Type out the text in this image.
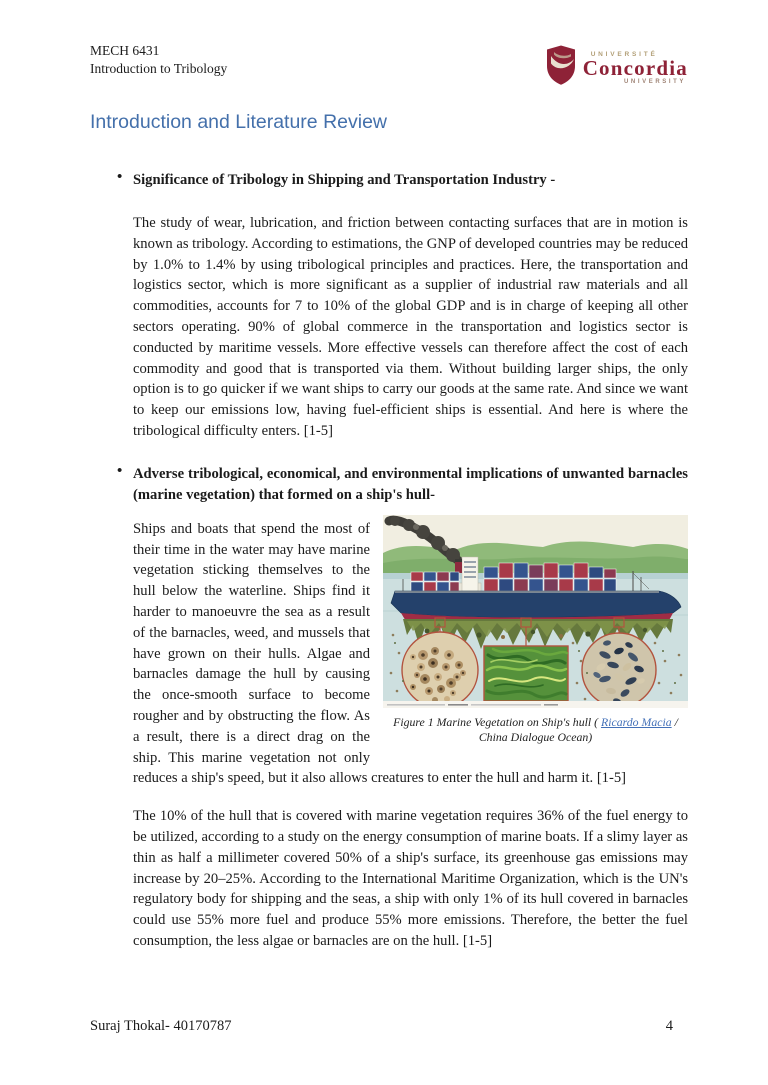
MECH 6431
Introduction to Tribology
UNIVERSITÉ
Concordia
UNIVERSITY
Introduction and Literature Review
• Significance of Tribology in Shipping and Transportation Industry -

The study of wear, lubrication, and friction between contacting surfaces that are in motion is known as tribology. According to estimations, the GNP of developed countries may be reduced by 1.0% to 1.4% by using tribological principles and practices. Here, the transportation and logistics sector, which is more significant as a supplier of industrial raw materials and all commodities, accounts for 7 to 10% of the global GDP and is in charge of keeping all other sectors operating. 90% of global commerce in the transportation and logistics sector is conducted by maritime vessels. More effective vessels can therefore affect the cost of each commodity and good that is transported via them. Without building larger ships, the only option is to go quicker if we want ships to carry our goods at the same rate. And since we want to keep our emissions low, having fuel-efficient ships is essential. And here is where the tribological difficulty enters. [1-5]

• Adverse tribological, economical, and environmental implications of unwanted barnacles (marine vegetation) that formed on a ship's hull-
Figure 1 Marine Vegetation on Ship's hull ( Ricardo Macia /
China Dialogue Ocean)

Ships and boats that spend the most of their time in the water may have marine vegetation sticking themselves to the hull below the waterline. Ships find it harder to manoeuvre the sea as a result of the barnacles, weed, and mussels that have grown on their hulls. Algae and barnacles damage the hull by causing the once-smooth surface to become rougher and by obstructing the flow. As a result, there is a direct drag on the ship. This marine vegetation not only reduces a ship's speed, but it also allows creatures to enter the hull and harm it. [1-5]

The 10% of the hull that is covered with marine vegetation requires 36% of the fuel energy to be utilized, according to a study on the energy consumption of marine boats. If a slimy layer as thin as half a millimeter covered 50% of a ship's surface, its greenhouse gas emissions may increase by 20–25%. According to the International Maritime Organization, which is the UN's regulatory body for shipping and the seas, a ship with only 1% of its hull covered in barnacles could use 55% more fuel and produce 55% more emissions. Therefore, the better the fuel consumption, the less algae or barnacles are on the hull. [1-5]

Suraj Thokal- 40170787	4
